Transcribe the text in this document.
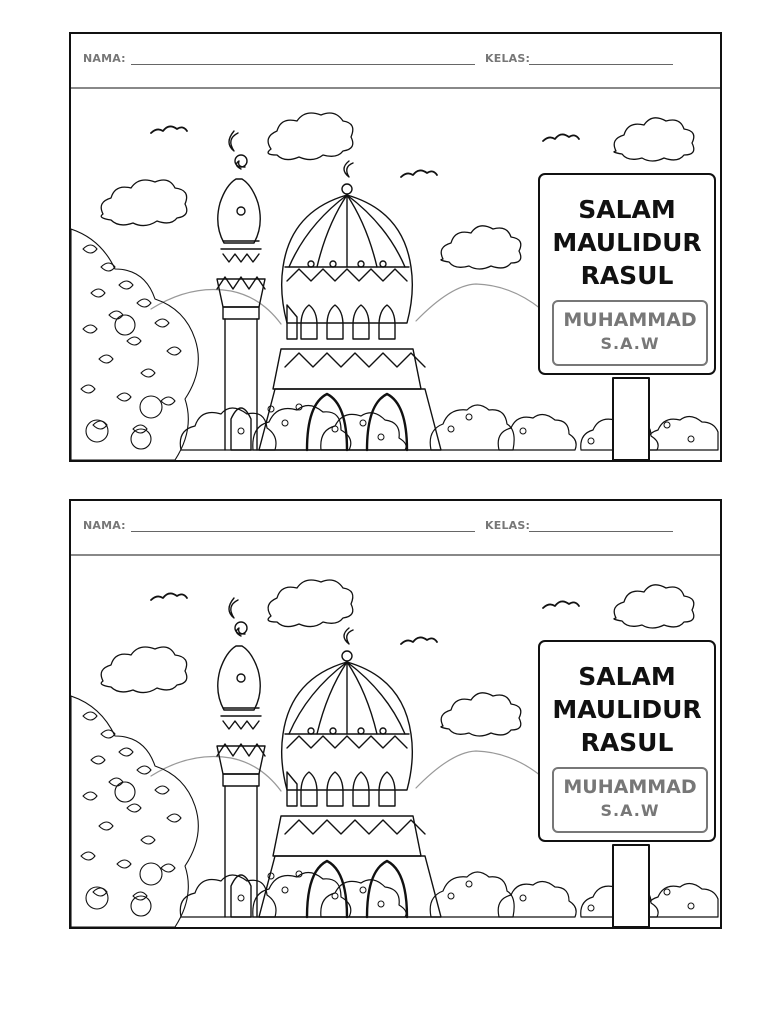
NAMA:	KELAS:
SALAM
MAULIDUR
RASUL
MUHAMMAD
S.A.W
NAMA:	KELAS:
SALAM
MAULIDUR
RASUL
MUHAMMAD
S.A.W
